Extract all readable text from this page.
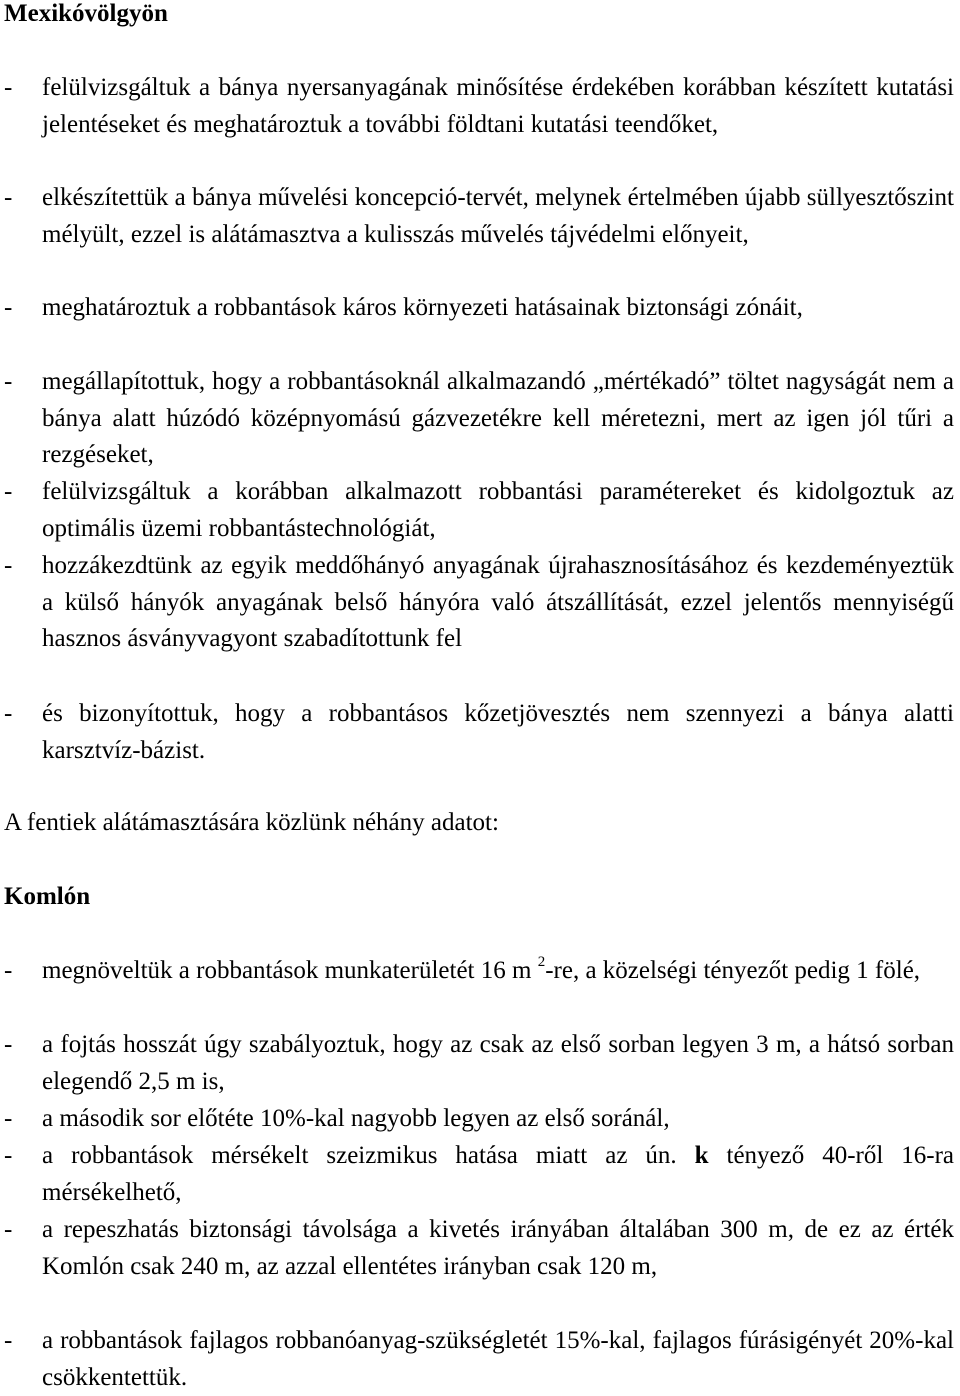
Mexikóvölgyön
- felülvizsgáltuk a bánya nyersanyagának minősítése érdekében korábban készített kutatási jelentéseket és meghatároztuk a további földtani kutatási teendőket,
- elkészítettük a bánya művelési koncepció-tervét, melynek értelmében újabb süllyesztőszint mélyült, ezzel is alátámasztva a kulisszás művelés tájvédelmi előnyeit,
- meghatároztuk a robbantások káros környezeti hatásainak biztonsági zónáit,
- megállapítottuk, hogy a robbantásoknál alkalmazandó „mértékadó” töltet nagyságát nem a bánya alatt húzódó középnyomású gázvezetékre kell méretezni, mert az igen jól tűri a rezgéseket,
- felülvizsgáltuk a korábban alkalmazott robbantási paramétereket és kidolgoztuk az optimális üzemi robbantástechnológiát,
- hozzákezdtünk az egyik meddőhányó anyagának újrahasznosításához és kezdeményeztük a külső hányók anyagának belső hányóra való átszállítását, ezzel jelentős mennyiségű hasznos ásványvagyont szabadítottunk fel
- és bizonyítottuk, hogy a robbantásos kőzetjövesztés nem szennyezi a bánya alatti karsztvíz-bázist.
A fentiek alátámasztására közlünk néhány adatot:
Komlón
- megnöveltük a robbantások munkaterületét 16 m $^2$-re, a közelségi tényezőt pedig 1 fölé,
- a fojtás hosszát úgy szabályoztuk, hogy az csak az első sorban legyen 3 m, a hátsó sorban elegendő 2,5 m is,
- a második sor előtéte 10%-kal nagyobb legyen az első soránál,
- a robbantások mérsékelt szeizmikus hatása miatt az ún. k tényező 40-ről 16-ra mérsékelhető,
- a repeszhatás biztonsági távolsága a kivetés irányában általában 300 m, de ez az érték Komlón csak 240 m, az azzal ellentétes irányban csak 120 m,
- a robbantások fajlagos robbanóanyag-szükségletét 15%-kal, fajlagos fúrásigényét 20%-kal csökkentettük.
